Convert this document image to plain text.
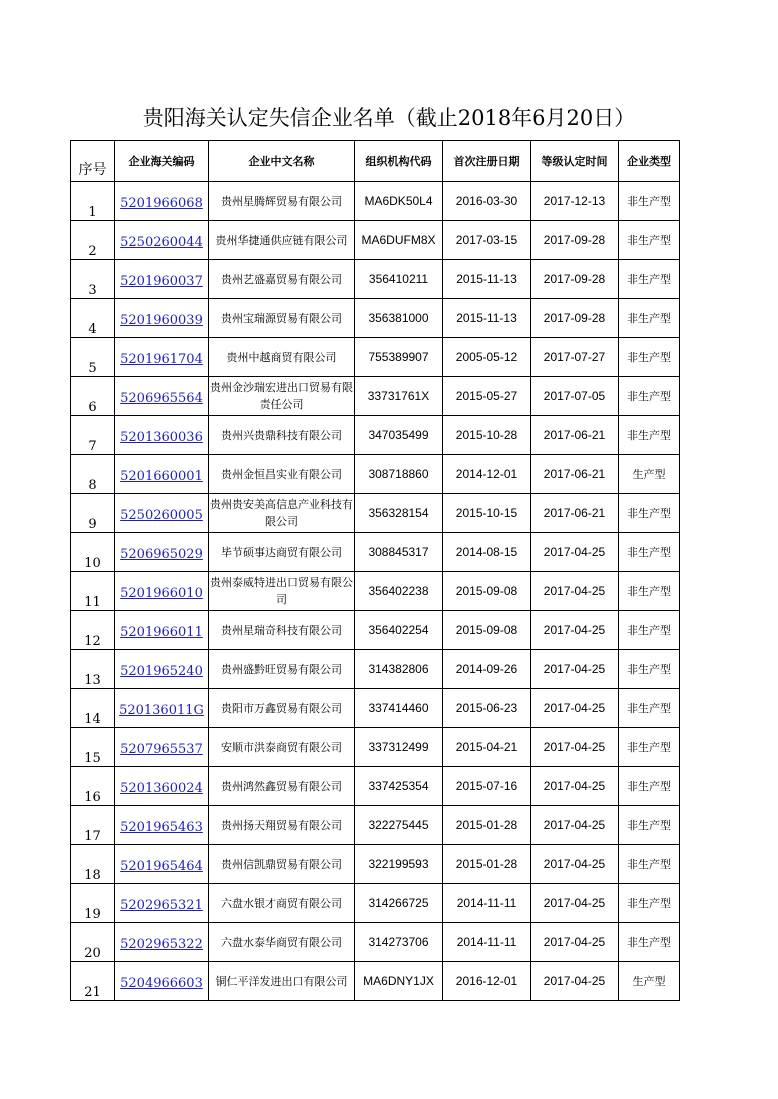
贵阳海关认定失信企业名单（截止2018年6月20日）
序号	企业海关编码	企业中文名称	组织机构代码	首次注册日期	等级认定时间	企业类型
1	5201966068	贵州星腾辉贸易有限公司	MA6DK50L4	2016-03-30	2017-12-13	非生产型
2	5250260044	贵州华捷通供应链有限公司	MA6DUFM8X	2017-03-15	2017-09-28	非生产型
3	5201960037	贵州艺盛嘉贸易有限公司	356410211	2015-11-13	2017-09-28	非生产型
4	5201960039	贵州宝瑞源贸易有限公司	356381000	2015-11-13	2017-09-28	非生产型
5	5201961704	贵州中越商贸有限公司	755389907	2005-05-12	2017-07-27	非生产型
6	5206965564	贵州金沙瑞宏进出口贸易有限责任公司	33731761X	2015-05-27	2017-07-05	非生产型
7	5201360036	贵州兴贵鼎科技有限公司	347035499	2015-10-28	2017-06-21	非生产型
8	5201660001	贵州金恒昌实业有限公司	308718860	2014-12-01	2017-06-21	生产型
9	5250260005	贵州贵安美高信息产业科技有限公司	356328154	2015-10-15	2017-06-21	非生产型
10	5206965029	毕节硕事达商贸有限公司	308845317	2014-08-15	2017-04-25	非生产型
11	5201966010	贵州泰威特进出口贸易有限公司	356402238	2015-09-08	2017-04-25	非生产型
12	5201966011	贵州星瑞奇科技有限公司	356402254	2015-09-08	2017-04-25	非生产型
13	5201965240	贵州盛黔旺贸易有限公司	314382806	2014-09-26	2017-04-25	非生产型
14	520136011G	贵阳市万鑫贸易有限公司	337414460	2015-06-23	2017-04-25	非生产型
15	5207965537	安顺市洪泰商贸有限公司	337312499	2015-04-21	2017-04-25	非生产型
16	5201360024	贵州鸿然鑫贸易有限公司	337425354	2015-07-16	2017-04-25	非生产型
17	5201965463	贵州扬天翔贸易有限公司	322275445	2015-01-28	2017-04-25	非生产型
18	5201965464	贵州信凯鼎贸易有限公司	322199593	2015-01-28	2017-04-25	非生产型
19	5202965321	六盘水银才商贸有限公司	314266725	2014-11-11	2017-04-25	非生产型
20	5202965322	六盘水泰华商贸有限公司	314273706	2014-11-11	2017-04-25	非生产型
21	5204966603	铜仁平洋发进出口有限公司	MA6DNY1JX	2016-12-01	2017-04-25	生产型
